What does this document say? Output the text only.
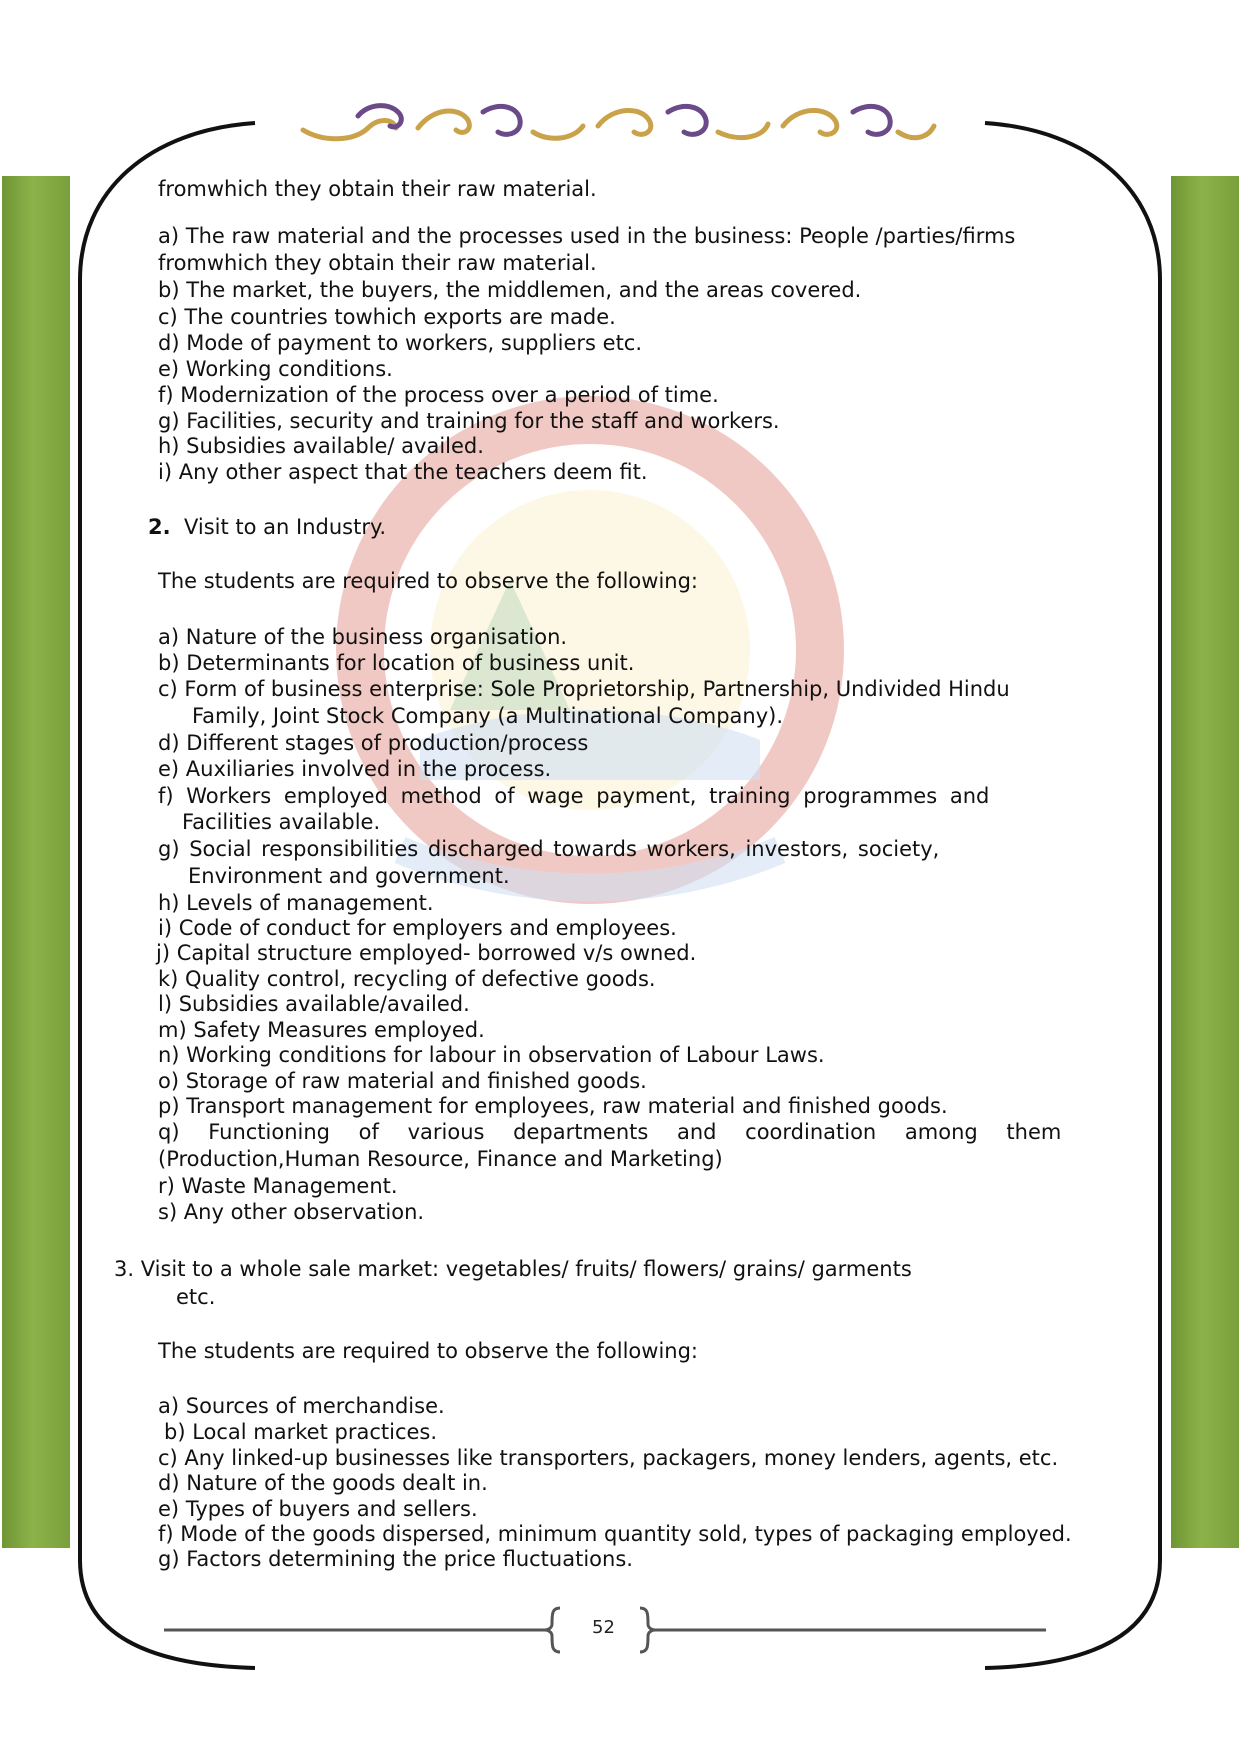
fromwhich they obtain their raw material.
a) The raw material and the processes used in the business: People /parties/firms
fromwhich they obtain their raw material.
b) The market, the buyers, the middlemen, and the areas covered.
c) The countries towhich exports are made.
d) Mode of payment to workers, suppliers etc.
e) Working conditions.
f) Modernization of the process over a period of time.
g) Facilities, security and training for the staff and workers.
h) Subsidies available/ availed.
i) Any other aspect that the teachers deem fit.
2. Visit to an Industry.
The students are required to observe the following:
a) Nature of the business organisation.
b) Determinants for location of business unit.
c) Form of business enterprise: Sole Proprietorship, Partnership, Undivided Hindu
Family, Joint Stock Company (a Multinational Company).
d) Different stages of production/process
e) Auxiliaries involved in the process.
f) Workers employed method of wage payment, training programmes and
Facilities available.
g) Social responsibilities discharged towards workers, investors, society,
Environment and government.
h) Levels of management.
i) Code of conduct for employers and employees.
j) Capital structure employed- borrowed v/s owned.
k) Quality control, recycling of defective goods.
l) Subsidies available/availed.
m) Safety Measures employed.
n) Working conditions for labour in observation of Labour Laws.
o) Storage of raw material and finished goods.
p) Transport management for employees, raw material and finished goods.
q) Functioning of various departments and coordination among them
(Production,Human Resource, Finance and Marketing)
r) Waste Management.
s) Any other observation.
3. Visit to a whole sale market: vegetables/ fruits/ flowers/ grains/ garments
etc.
The students are required to observe the following:
a) Sources of merchandise.
b) Local market practices.
c) Any linked-up businesses like transporters, packagers, money lenders, agents, etc.
d) Nature of the goods dealt in.
e) Types of buyers and sellers.
f) Mode of the goods dispersed, minimum quantity sold, types of packaging employed.
g) Factors determining the price fluctuations.
52
